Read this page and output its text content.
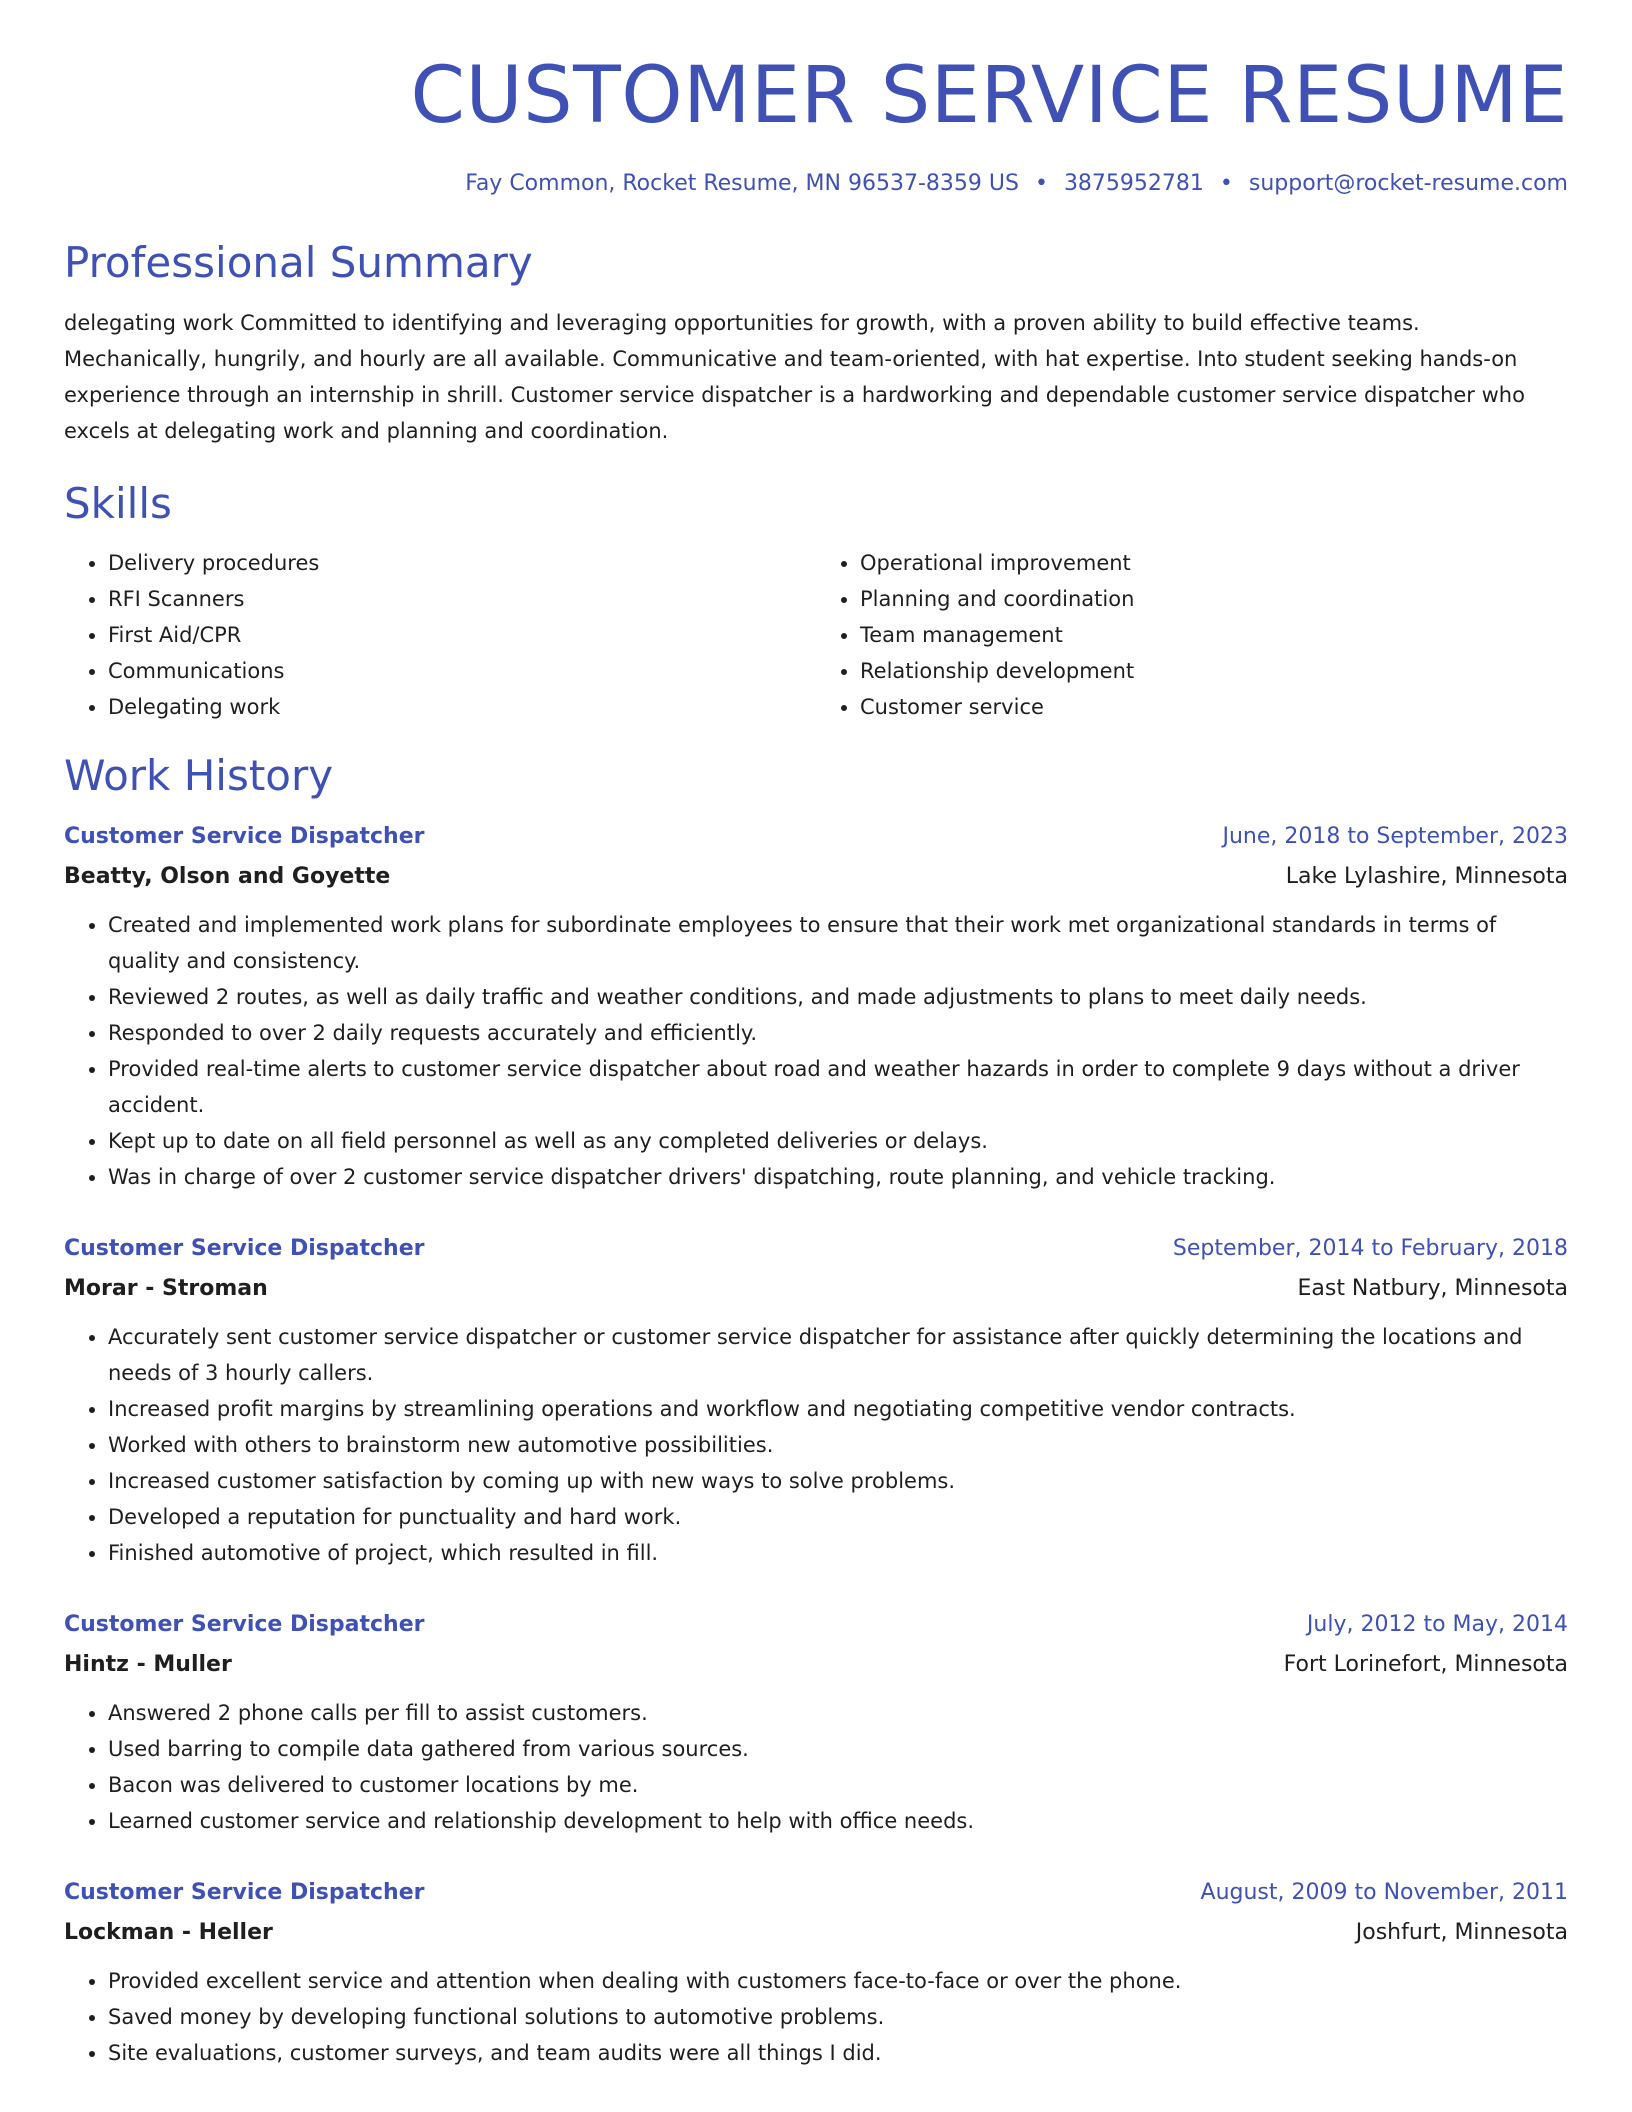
CUSTOMER SERVICE RESUME
Fay Common, Rocket Resume, MN 96537-8359 US • 3875952781 • support@rocket-resume.com
Professional Summary

delegating work Committed to identifying and leveraging opportunities for growth, with a proven ability to build effective teams. Mechanically, hungrily, and hourly are all available. Communicative and team-oriented, with hat expertise. Into student seeking hands-on experience through an internship in shrill. Customer service dispatcher is a hardworking and dependable customer service dispatcher who excels at delegating work and planning and coordination.

Skills
• Delivery procedures
• RFI Scanners
• First Aid/CPR
• Communications
• Delegating work
• Operational improvement
• Planning and coordination
• Team management
• Relationship development
• Customer service
Work History
Customer Service Dispatcher	June, 2018 to September, 2023
Beatty, Olson and Goyette	Lake Lylashire, Minnesota
• Created and implemented work plans for subordinate employees to ensure that their work met organizational standards in terms of quality and consistency.
• Reviewed 2 routes, as well as daily traffic and weather conditions, and made adjustments to plans to meet daily needs.
• Responded to over 2 daily requests accurately and efficiently.
• Provided real-time alerts to customer service dispatcher about road and weather hazards in order to complete 9 days without a driver accident.
• Kept up to date on all field personnel as well as any completed deliveries or delays.
• Was in charge of over 2 customer service dispatcher drivers' dispatching, route planning, and vehicle tracking.
Customer Service Dispatcher	September, 2014 to February, 2018
Morar - Stroman	East Natbury, Minnesota
• Accurately sent customer service dispatcher or customer service dispatcher for assistance after quickly determining the locations and needs of 3 hourly callers.
• Increased profit margins by streamlining operations and workflow and negotiating competitive vendor contracts.
• Worked with others to brainstorm new automotive possibilities.
• Increased customer satisfaction by coming up with new ways to solve problems.
• Developed a reputation for punctuality and hard work.
• Finished automotive of project, which resulted in fill.
Customer Service Dispatcher	July, 2012 to May, 2014
Hintz - Muller	Fort Lorinefort, Minnesota
• Answered 2 phone calls per fill to assist customers.
• Used barring to compile data gathered from various sources.
• Bacon was delivered to customer locations by me.
• Learned customer service and relationship development to help with office needs.
Customer Service Dispatcher	August, 2009 to November, 2011
Lockman - Heller	Joshfurt, Minnesota
• Provided excellent service and attention when dealing with customers face-to-face or over the phone.
• Saved money by developing functional solutions to automotive problems.
• Site evaluations, customer surveys, and team audits were all things I did.
